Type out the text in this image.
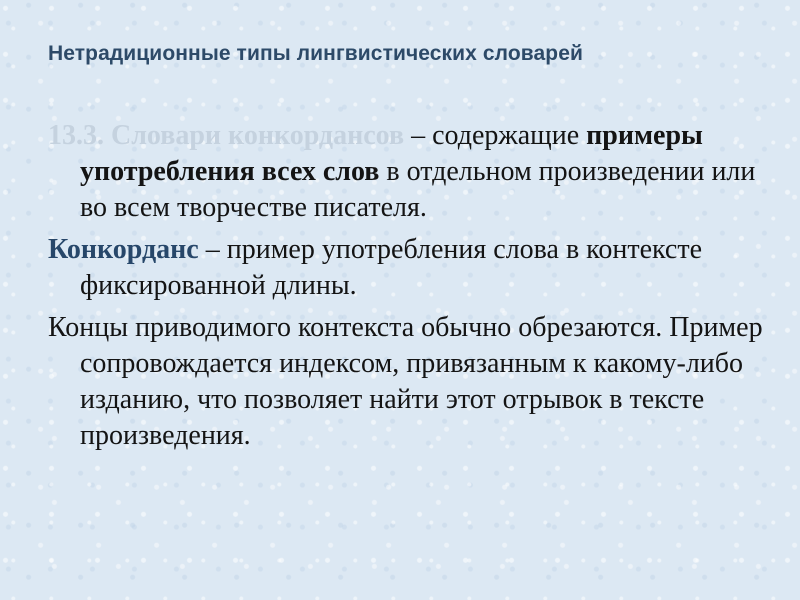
Нетрадиционные типы лингвистических словарей

13.3. Словари конкордансов – содержащие примеры употребления всех слов в отдельном произведении или во всем творчестве писателя.

Конкорданс – пример употребления слова в контексте фиксированной длины.

Концы приводимого контекста обычно обрезаются. Пример сопровождается индексом, привязанным к какому-либо изданию, что позволяет найти этот отрывок в тексте произведения.
